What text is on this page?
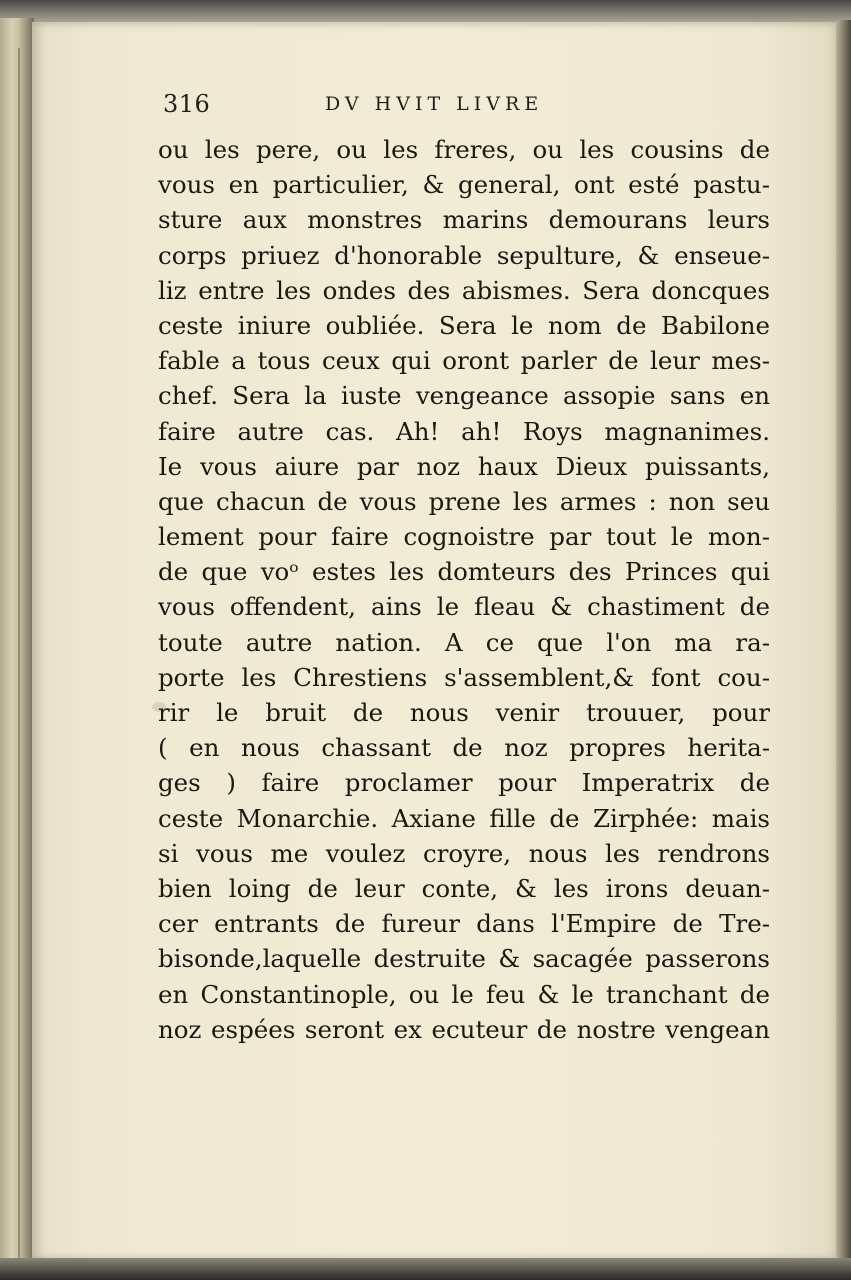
316	DV HVIT LIVRE
ou les pere, ou les freres, ou les cousins de
vous en particulier, & general, ont esté pastu-
sture aux monstres marins demourans leurs
corps priuez d'honorable sepulture, & enseue-
liz entre les ondes des abismes. Sera doncques
ceste iniure oubliée. Sera le nom de Babilone
fable a tous ceux qui oront parler de leur mes-
chef. Sera la iuste vengeance assopie sans en
faire autre cas. Ah! ah! Roys magnanimes.
Ie vous aiure par noz haux Dieux puissants,
que chacun de vous prene les armes : non seu
lement pour faire cognoistre par tout le mon-
de que voᵒ estes les domteurs des Princes qui
vous offendent, ains le fleau & chastiment de
toute autre nation. A ce que l'on ma ra-
porte les Chrestiens s'assemblent,& font cou-
rir le bruit de nous venir trouuer, pour
( en nous chassant de noz propres herita-
ges ) faire proclamer pour Imperatrix de
ceste Monarchie. Axiane fille de Zirphée: mais
si vous me voulez croyre, nous les rendrons
bien loing de leur conte, & les irons deuan-
cer entrants de fureur dans l'Empire de Tre-
bisonde,laquelle destruite & sacagée passerons
en Constantinople, ou le feu & le tranchant de
noz espées seront ex ecuteur de nostre vengean
